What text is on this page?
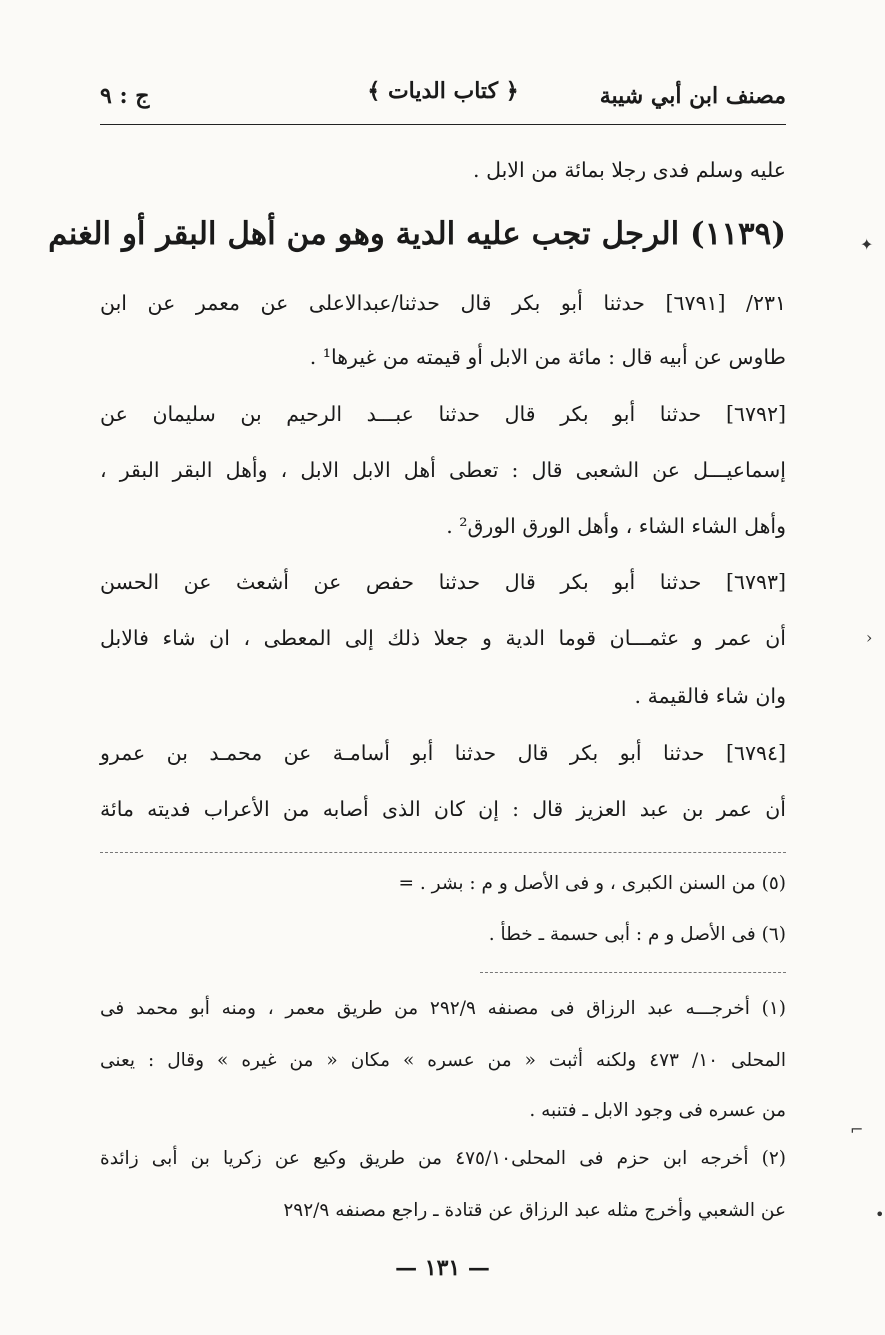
مصنف ابن أبي شيبة
﴿ كتاب الديات ﴾
ج : ٩
عليه وسلم فدى رجلا بمائة من الابل .
(١١٣٩) الرجل تجب عليه الدية وهو من أهل البقر أو الغنم
٢٣١/ [٦٧٩١] حدثنا أبو بكر قال حدثنا/عبدالاعلى عن معمر عن ابن
طاوس عن أبيه قال : مائة من الابل أو قيمته من غيرها¹ .
[٦٧٩٢] حدثنا أبو بكر قال حدثنا عبـــد الرحيم بن سليمان عن
إسماعيـــل عن الشعبى قال : تعطى أهل الابل الابل ، وأهل البقر البقر ،
وأهل الشاء الشاء ، وأهل الورق الورق² .
[٦٧٩٣] حدثنا أبو بكر قال حدثنا حفص عن أشعث عن الحسن
أن عمر و عثمـــان قوما الدية و جعلا ذلك إلى المعطى ، ان شاء فالابل
وان شاء فالقيمة .
[٦٧٩٤] حدثنا أبو بكر قال حدثنا أبو أسامـة عن محمـد بن عمرو
أن عمر بن عبد العزيز قال : إن كان الذى أصابه من الأعراب فديته مائة
(٥) من السنن الكبرى ، و فى الأصل و م : بشر . =
(٦) فى الأصل و م : أبى حسمة ـ خطأ .
(١) أخرجـــه عبد الرزاق فى مصنفه ٢٩٢/٩ من طريق معمر ، ومنه أبو محمد فى
المحلى ١٠/ ٤٧٣ ولكنه أثبت « من عسره » مكان « من غيره » وقال : يعنى
من عسره فى وجود الابل ـ فتنبه .
(٢) أخرجه ابن حزم فى المحلى٤٧٥/١٠ من طريق وكيع عن زكريا بن أبى زائدة
عن الشعبي وأخرج مثله عبد الرزاق عن قتادة ـ راجع مصنفه ٢٩٢/٩
— ١٣١ —
✦
›
⌐
•
